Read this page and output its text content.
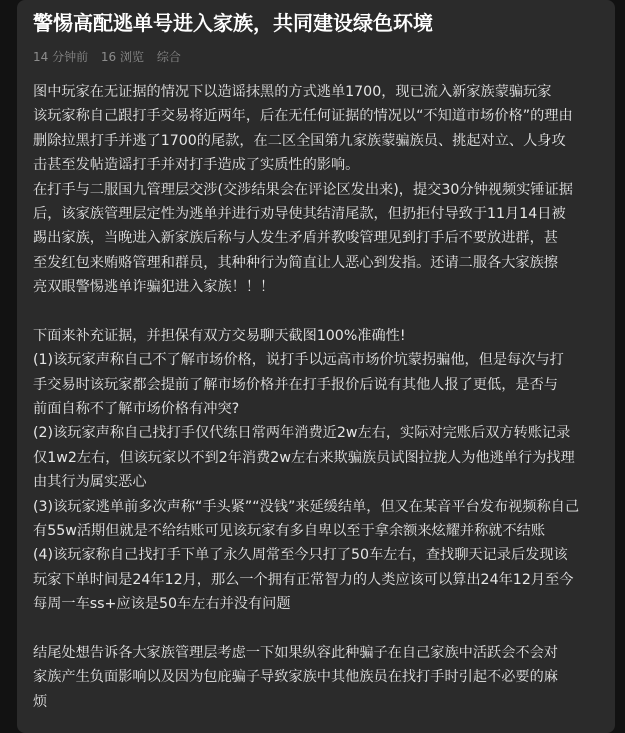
警惕高配逃单号进入家族，共同建设绿色环境
14 分钟前 16 浏览 综合
图中玩家在无证据的情况下以造谣抹黑的方式逃单1700，现已流入新家族蒙骗玩家
该玩家称自己跟打手交易将近两年，后在无任何证据的情况以“不知道市场价格”的理由
删除拉黑打手并逃了1700的尾款，在二区全国第九家族蒙骗族员、挑起对立、人身攻
击甚至发帖造谣打手并对打手造成了实质性的影响。
在打手与二服国九管理层交涉(交涉结果会在评论区发出来)，提交30分钟视频实锤证据
后，该家族管理层定性为逃单并进行劝导使其结清尾款，但扔拒付导致于11月14日被
踢出家族，当晚进入新家族后称与人发生矛盾并教唆管理见到打手后不要放进群，甚
至发红包来贿赂管理和群员，其种种行为简直让人恶心到发指。还请二服各大家族擦
亮双眼警惕逃单诈骗犯进入家族！！！
下面来补充证据，并担保有双方交易聊天截图100%准确性!
(1)该玩家声称自己不了解市场价格，说打手以远高市场价坑蒙拐骗他，但是每次与打
手交易时该玩家都会提前了解市场价格并在打手报价后说有其他人报了更低，是否与
前面自称不了解市场价格有冲突?
(2)该玩家声称自己找打手仅代练日常两年消费近2w左右，实际对完账后双方转账记录
仅1w2左右，但该玩家以不到2年消费2w左右来欺骗族员试图拉拢人为他逃单行为找理
由其行为属实恶心
(3)该玩家逃单前多次声称“手头紧”“没钱”来延缓结单，但又在某音平台发布视频称自己
有55w活期但就是不给结账可见该玩家有多自卑以至于拿余额来炫耀并称就不结账
(4)该玩家称自己找打手下单了永久周常至今只打了50车左右，查找聊天记录后发现该
玩家下单时间是24年12月，那么一个拥有正常智力的人类应该可以算出24年12月至今
每周一车ss+应该是50车左右并没有问题
结尾处想告诉各大家族管理层考虑一下如果纵容此种骗子在自己家族中活跃会不会对
家族产生负面影响以及因为包庇骗子导致家族中其他族员在找打手时引起不必要的麻
烦
